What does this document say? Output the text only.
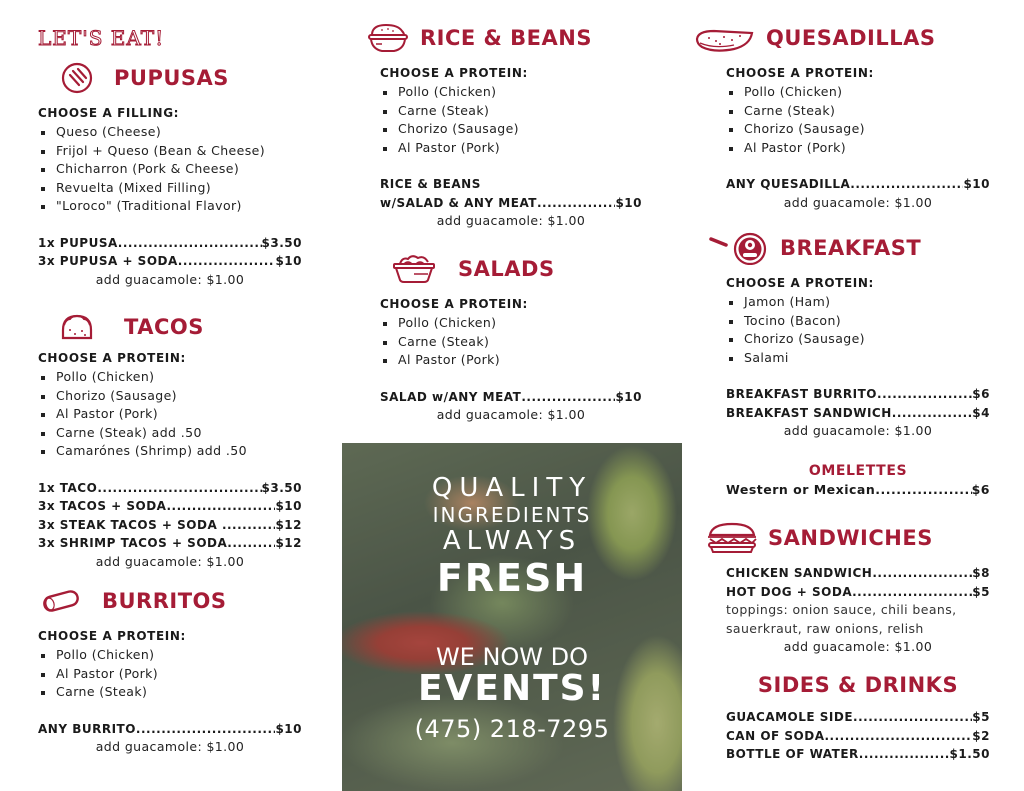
LET'S EAT!
PUPUSAS
CHOOSE A FILLING:
Queso (Cheese)
Frijol + Queso (Bean & Cheese)
Chicharron (Pork & Cheese)
Revuelta (Mixed Filling)
"Loroco" (Traditional Flavor)
1x PUPUSA .....	$3.50
3x PUPUSA + SODA .....	$10
add guacamole: $1.00
TACOS
CHOOSE A PROTEIN:
Pollo (Chicken)
Chorizo (Sausage)
Al Pastor (Pork)
Carne (Steak) add .50
Camarónes (Shrimp) add .50
1x TACO .....	$3.50
3x TACOS + SODA .....	$10
3x STEAK TACOS + SODA .....	$12
3x SHRIMP TACOS + SODA .....	$12
add guacamole: $1.00
BURRITOS
CHOOSE A PROTEIN:
Pollo (Chicken)
Al Pastor (Pork)
Carne (Steak)
ANY BURRITO .....	$10
add guacamole: $1.00
RICE & BEANS
CHOOSE A PROTEIN:
Pollo (Chicken)
Carne (Steak)
Chorizo (Sausage)
Al Pastor (Pork)
RICE & BEANS
w/SALAD & ANY MEAT .....	$10
add guacamole: $1.00
SALADS
CHOOSE A PROTEIN:
Pollo (Chicken)
Carne (Steak)
Al Pastor (Pork)
SALAD w/ANY MEAT .....	$10
add guacamole: $1.00
QUALITY
INGREDIENTS
ALWAYS
FRESH
WE NOW DO
EVENTS!
(475) 218-7295
QUESADILLAS
CHOOSE A PROTEIN:
Pollo (Chicken)
Carne (Steak)
Chorizo (Sausage)
Al Pastor (Pork)
ANY QUESADILLA .....	$10
add guacamole: $1.00
BREAKFAST
CHOOSE A PROTEIN:
Jamon (Ham)
Tocino (Bacon)
Chorizo (Sausage)
Salami
BREAKFAST BURRITO .....	$6
BREAKFAST SANDWICH .....	$4
add guacamole: $1.00
OMELETTES
Western or Mexican .....	$6
SANDWICHES
CHICKEN SANDWICH .....	$8
HOT DOG + SODA .....	$5
toppings: onion sauce, chili beans, sauerkraut, raw onions, relish
add guacamole: $1.00
SIDES & DRINKS
GUACAMOLE SIDE .....	$5
CAN OF SODA .....	$2
BOTTLE OF WATER .....	$1.50
